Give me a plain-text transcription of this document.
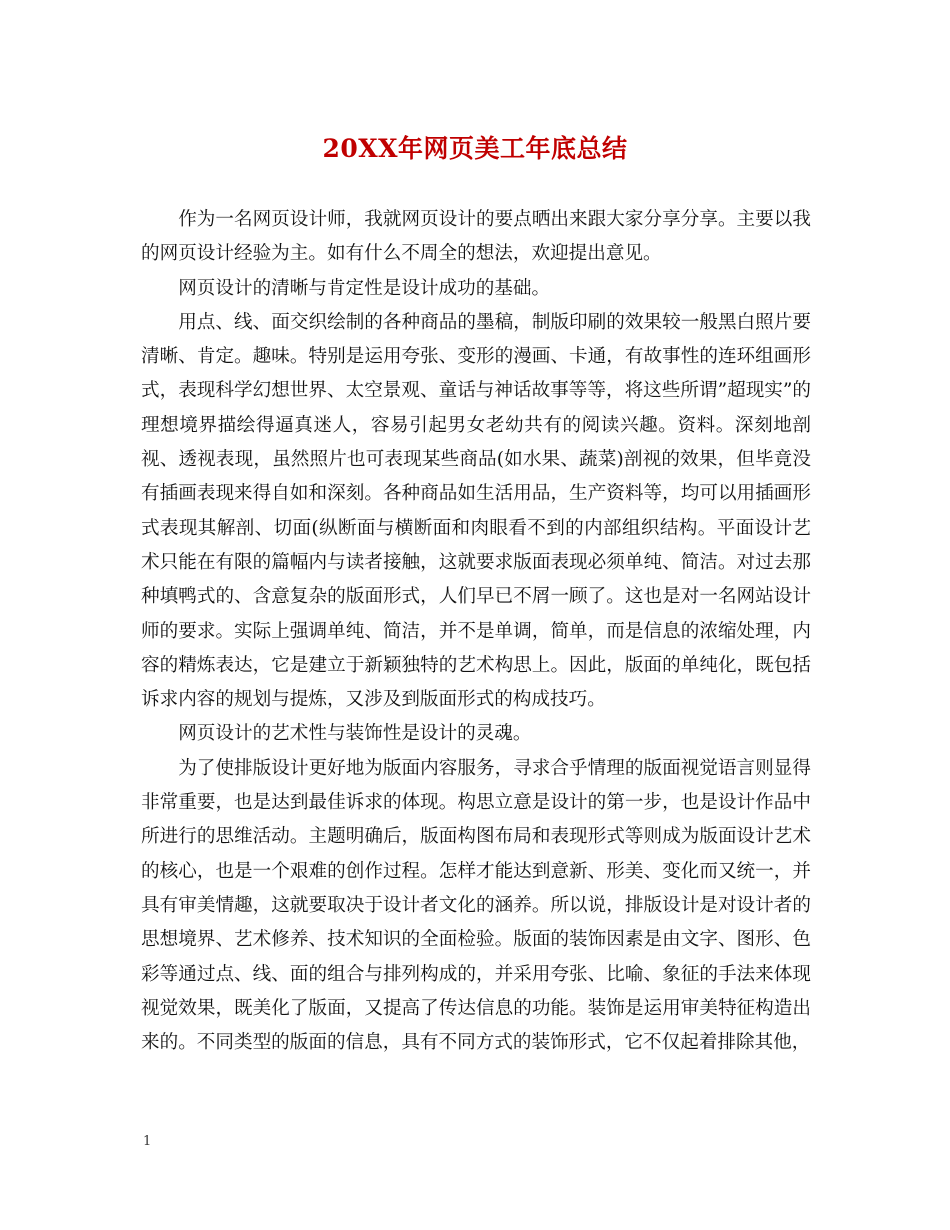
20XX年网页美工年底总结

作为一名网页设计师，我就网页设计的要点晒出来跟大家分享分享。主要以我的网页设计经验为主。如有什么不周全的想法，欢迎提出意见。

网页设计的清晰与肯定性是设计成功的基础。

用点、线、面交织绘制的各种商品的墨稿，制版印刷的效果较一般黑白照片要清晰、肯定。趣味。特别是运用夸张、变形的漫画、卡通，有故事性的连环组画形式，表现科学幻想世界、太空景观、童话与神话故事等等，将这些所谓”超现实”的理想境界描绘得逼真迷人，容易引起男女老幼共有的阅读兴趣。资料。深刻地剖视、透视表现，虽然照片也可表现某些商品(如水果、蔬菜)剖视的效果，但毕竟没有插画表现来得自如和深刻。各种商品如生活用品，生产资料等，均可以用插画形式表现其解剖、切面(纵断面与横断面和肉眼看不到的内部组织结构。平面设计艺术只能在有限的篇幅内与读者接触，这就要求版面表现必须单纯、简洁。对过去那种填鸭式的、含意复杂的版面形式，人们早已不屑一顾了。这也是对一名网站设计师的要求。实际上强调单纯、简洁，并不是单调，简单，而是信息的浓缩处理，内容的精炼表达，它是建立于新颖独特的艺术构思上。因此，版面的单纯化，既包括诉求内容的规划与提炼，又涉及到版面形式的构成技巧。

网页设计的艺术性与装饰性是设计的灵魂。

为了使排版设计更好地为版面内容服务，寻求合乎情理的版面视觉语言则显得非常重要，也是达到最佳诉求的体现。构思立意是设计的第一步，也是设计作品中所进行的思维活动。主题明确后，版面构图布局和表现形式等则成为版面设计艺术的核心，也是一个艰难的创作过程。怎样才能达到意新、形美、变化而又统一，并具有审美情趣，这就要取决于设计者文化的涵养。所以说，排版设计是对设计者的思想境界、艺术修养、技术知识的全面检验。版面的装饰因素是由文字、图形、色彩等通过点、线、面的组合与排列构成的，并采用夸张、比喻、象征的手法来体现视觉效果，既美化了版面，又提高了传达信息的功能。装饰是运用审美特征构造出来的。不同类型的版面的信息，具有不同方式的装饰形式，它不仅起着排除其他，

1
